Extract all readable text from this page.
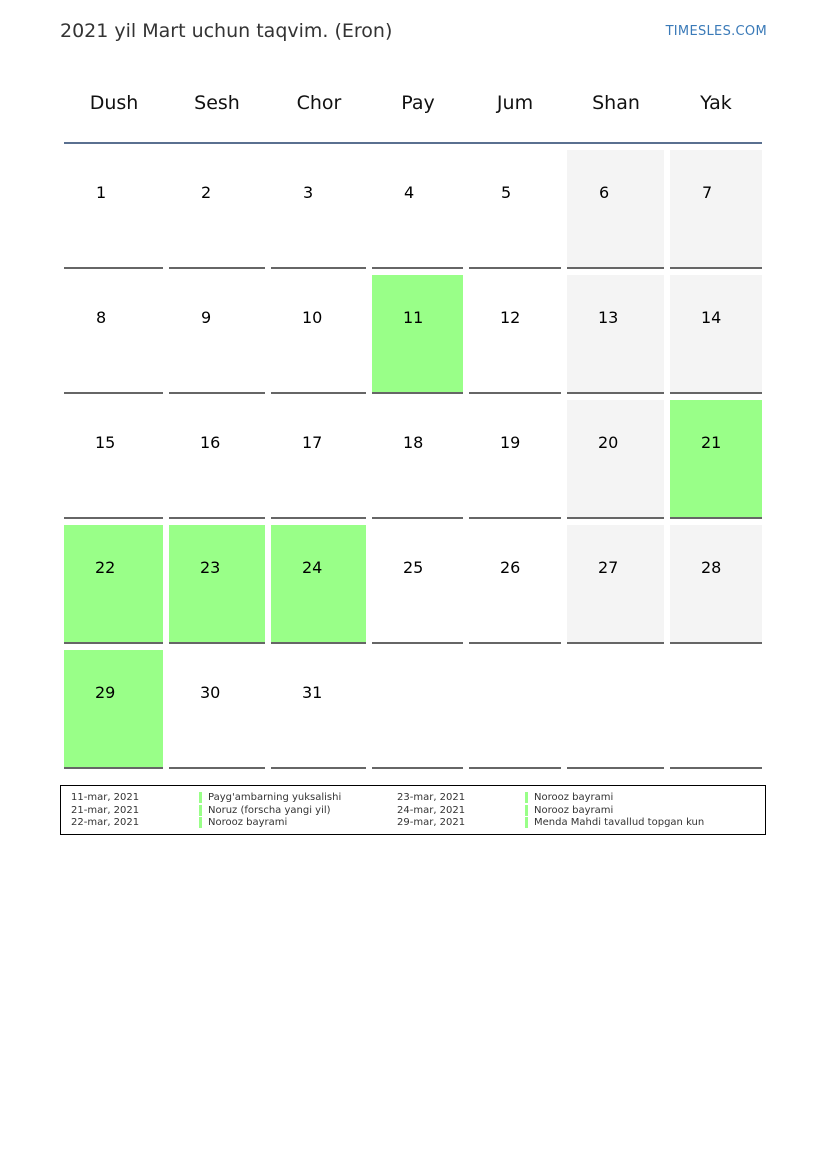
2021 yil Mart uchun taqvim. (Eron)	TIMESLES.COM
Dush	Sesh	Chor	Pay	Jum	Shan	Yak
1	2	3	4	5	6	7
8	9	10	11	12	13	14
15	16	17	18	19	20	21
22	23	24	25	26	27	28
29	30	31
11-mar, 2021	Payg'ambarning yuksalishi
21-mar, 2021	Noruz (forscha yangi yil)
22-mar, 2021	Norooz bayrami
23-mar, 2021	Norooz bayrami
24-mar, 2021	Norooz bayrami
29-mar, 2021	Menda Mahdi tavallud topgan kun
